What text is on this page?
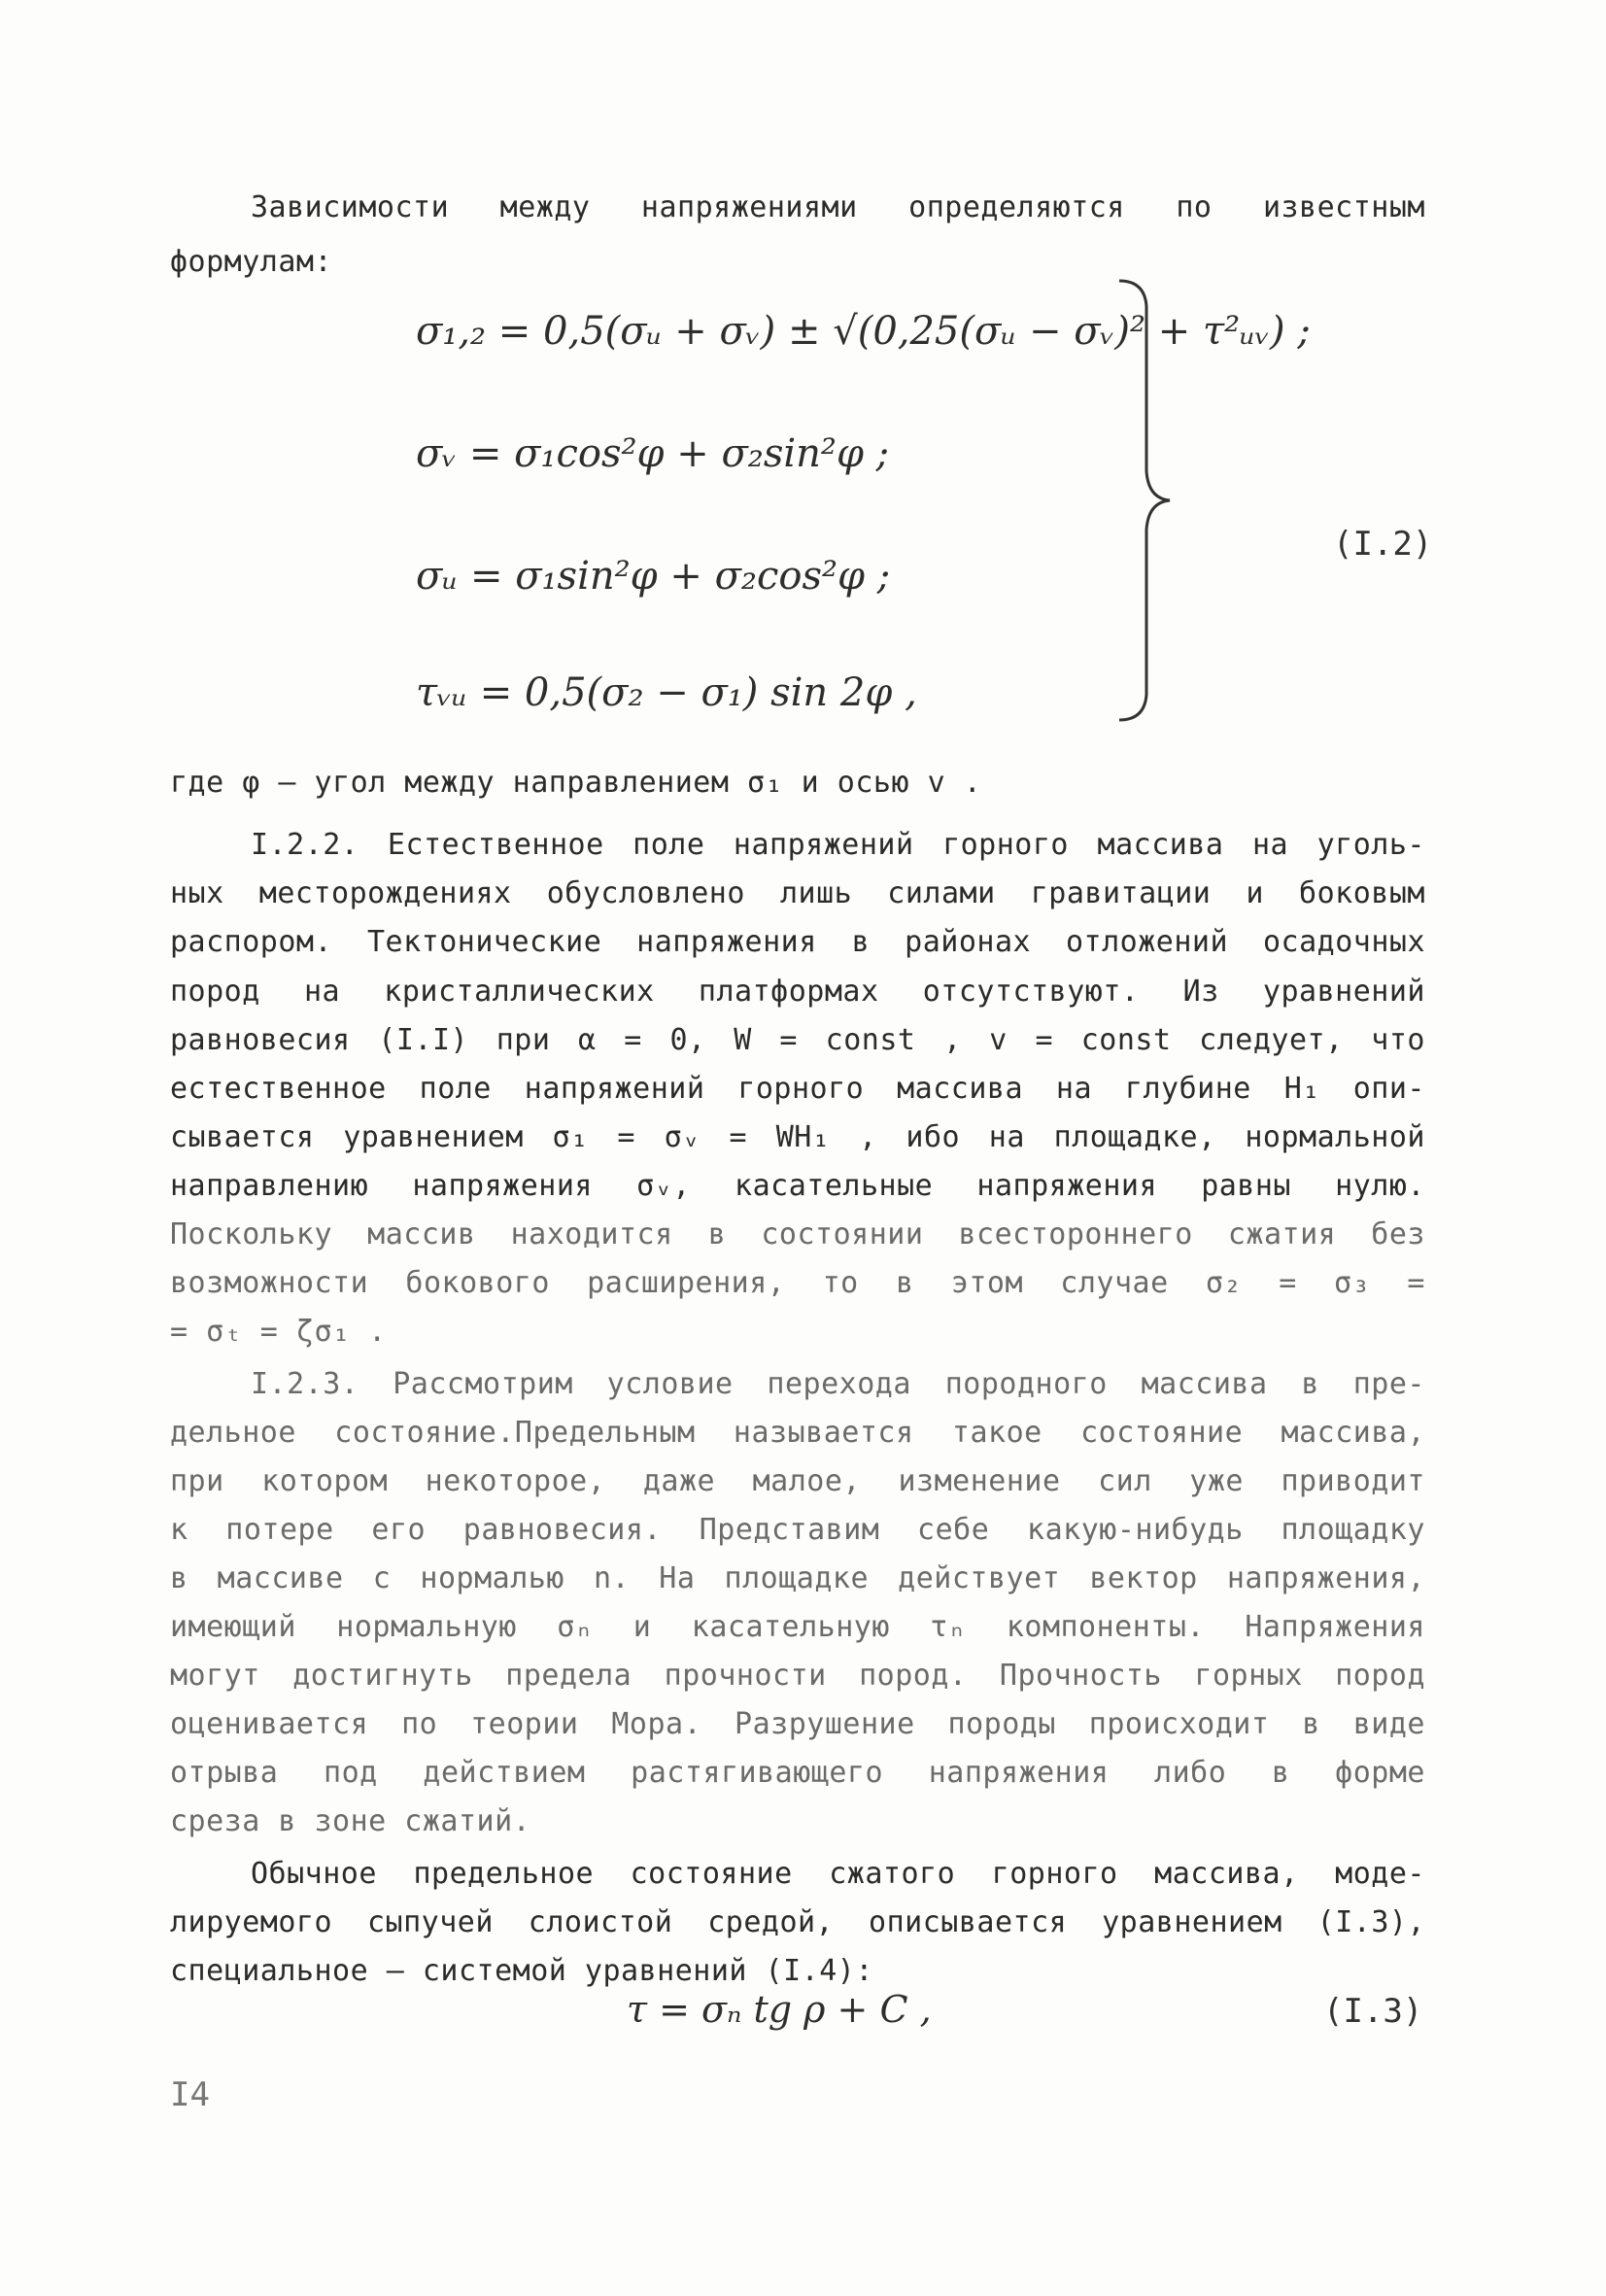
Зависимости между напряжениями определяются по известным
формулам:
σ₁,₂ = 0,5(σᵤ + σᵥ) ± √(0,25(σᵤ − σᵥ)² + τ²ᵤᵥ) ;
σᵥ = σ₁cos²φ + σ₂sin²φ ;
σᵤ = σ₁sin²φ + σ₂cos²φ ;
τᵥᵤ = 0,5(σ₂ − σ₁) sin 2φ ,
(I.2)
где φ – угол между направлением σ₁ и осью v .
I.2.2. Естественное поле напряжений горного массива на уголь-
ных месторождениях обусловлено лишь силами гравитации и боковым
распором. Тектонические напряжения в районах отложений осадочных
пород на кристаллических платформах отсутствуют. Из уравнений
равновесия (I.I) при α = 0, W = const , v = const следует, что
естественное поле напряжений горного массива на глубине H₁ опи-
сывается уравнением σ₁ = σᵥ = WH₁ , ибо на площадке, нормальной
направлению напряжения σᵥ, касательные напряжения равны нулю.
Поскольку массив находится в состоянии всестороннего сжатия без
возможности бокового расширения, то в этом случае σ₂ = σ₃ =
= σₜ = ζσ₁ .
I.2.3. Рассмотрим условие перехода породного массива в пре-
дельное состояние.Предельным называется такое состояние массива,
при котором некоторое, даже малое, изменение сил уже приводит
к потере его равновесия. Представим себе какую-нибудь площадку
в массиве с нормалью n. На площадке действует вектор напряжения,
имеющий нормальную σₙ и касательную τₙ компоненты. Напряжения
могут достигнуть предела прочности пород. Прочность горных пород
оценивается по теории Мора. Разрушение породы происходит в виде
отрыва под действием растягивающего напряжения либо в форме
среза в зоне сжатий.
Обычное предельное состояние сжатого горного массива, моде-
лируемого сыпучей слоистой средой, описывается уравнением (I.3),
специальное – системой уравнений (I.4):
τ = σₙ tg ρ + C ,	(I.3)
I4
